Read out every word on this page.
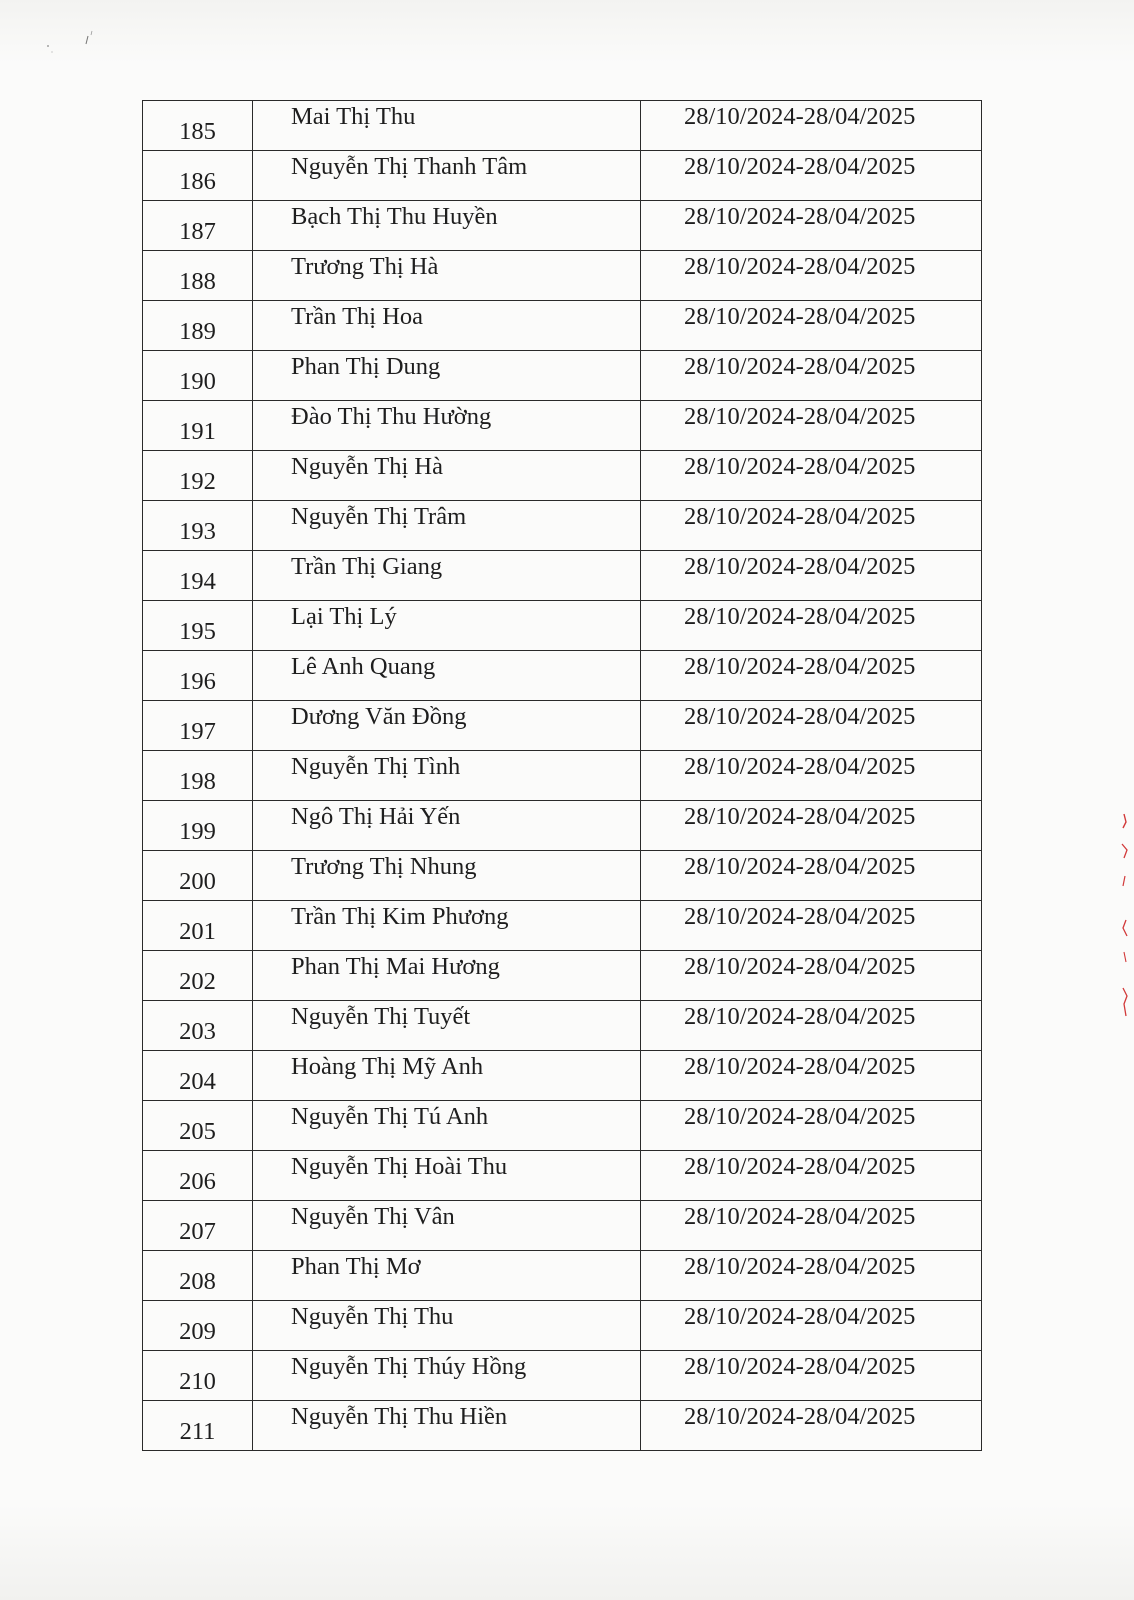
185	Mai Thị Thu	28/10/2024-28/04/2025
186	Nguyễn Thị Thanh Tâm	28/10/2024-28/04/2025
187	Bạch Thị Thu Huyền	28/10/2024-28/04/2025
188	Trương Thị Hà	28/10/2024-28/04/2025
189	Trần Thị Hoa	28/10/2024-28/04/2025
190	Phan Thị Dung	28/10/2024-28/04/2025
191	Đào Thị Thu Hường	28/10/2024-28/04/2025
192	Nguyễn Thị Hà	28/10/2024-28/04/2025
193	Nguyễn Thị Trâm	28/10/2024-28/04/2025
194	Trần Thị Giang	28/10/2024-28/04/2025
195	Lại Thị Lý	28/10/2024-28/04/2025
196	Lê Anh Quang	28/10/2024-28/04/2025
197	Dương Văn Đồng	28/10/2024-28/04/2025
198	Nguyễn Thị Tình	28/10/2024-28/04/2025
199	Ngô Thị Hải Yến	28/10/2024-28/04/2025
200	Trương Thị Nhung	28/10/2024-28/04/2025
201	Trần Thị Kim Phương	28/10/2024-28/04/2025
202	Phan Thị Mai Hương	28/10/2024-28/04/2025
203	Nguyễn Thị Tuyết	28/10/2024-28/04/2025
204	Hoàng Thị Mỹ Anh	28/10/2024-28/04/2025
205	Nguyễn Thị Tú Anh	28/10/2024-28/04/2025
206	Nguyễn Thị Hoài Thu	28/10/2024-28/04/2025
207	Nguyễn Thị Vân	28/10/2024-28/04/2025
208	Phan Thị Mơ	28/10/2024-28/04/2025
209	Nguyễn Thị Thu	28/10/2024-28/04/2025
210	Nguyễn Thị Thúy Hồng	28/10/2024-28/04/2025
211	Nguyễn Thị Thu Hiền	28/10/2024-28/04/2025
